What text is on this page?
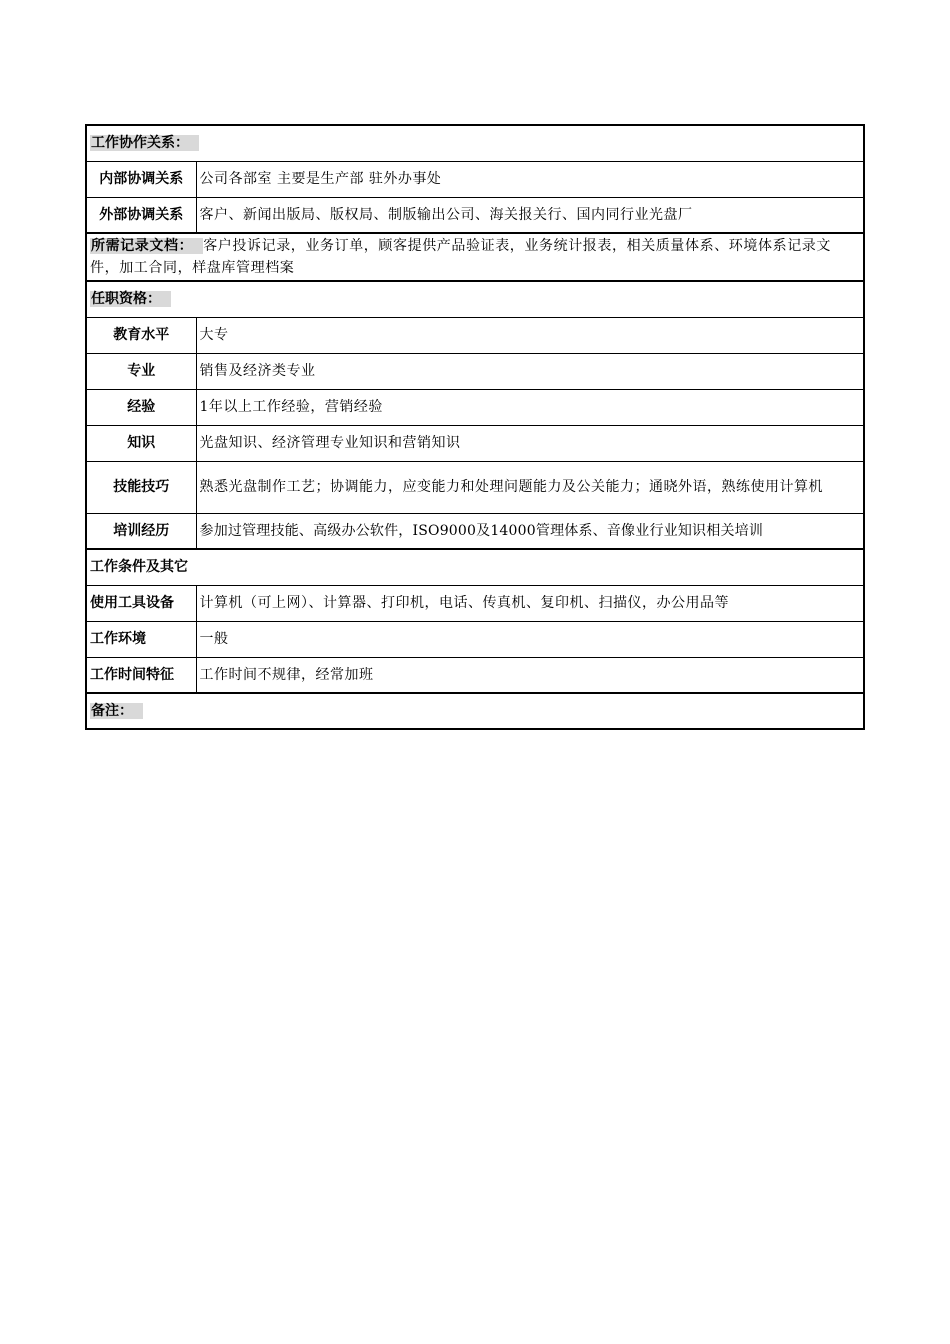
工作协作关系：	
内部协调关系	公司各部室 主要是生产部 驻外办事处
外部协调关系	客户、新闻出版局、版权局、制版输出公司、海关报关行、国内同行业光盘厂
所需记录文档： 客户投诉记录，业务订单，顾客提供产品验证表，业务统计报表，相关质量体系、环境体系记录文件，加工合同，样盘库管理档案	
任职资格：	
教育水平	大专
专业	销售及经济类专业
经验	1年以上工作经验，营销经验
知识	光盘知识、经济管理专业知识和营销知识
技能技巧	熟悉光盘制作工艺；协调能力，应变能力和处理问题能力及公关能力；通晓外语，熟练使用计算机
培训经历	参加过管理技能、高级办公软件，ISO9000及14000管理体系、音像业行业知识相关培训
工作条件及其它	
使用工具设备	计算机（可上网）、计算器、打印机，电话、传真机、复印机、扫描仪，办公用品等
工作环境	一般
工作时间特征	工作时间不规律，经常加班
备注：	
